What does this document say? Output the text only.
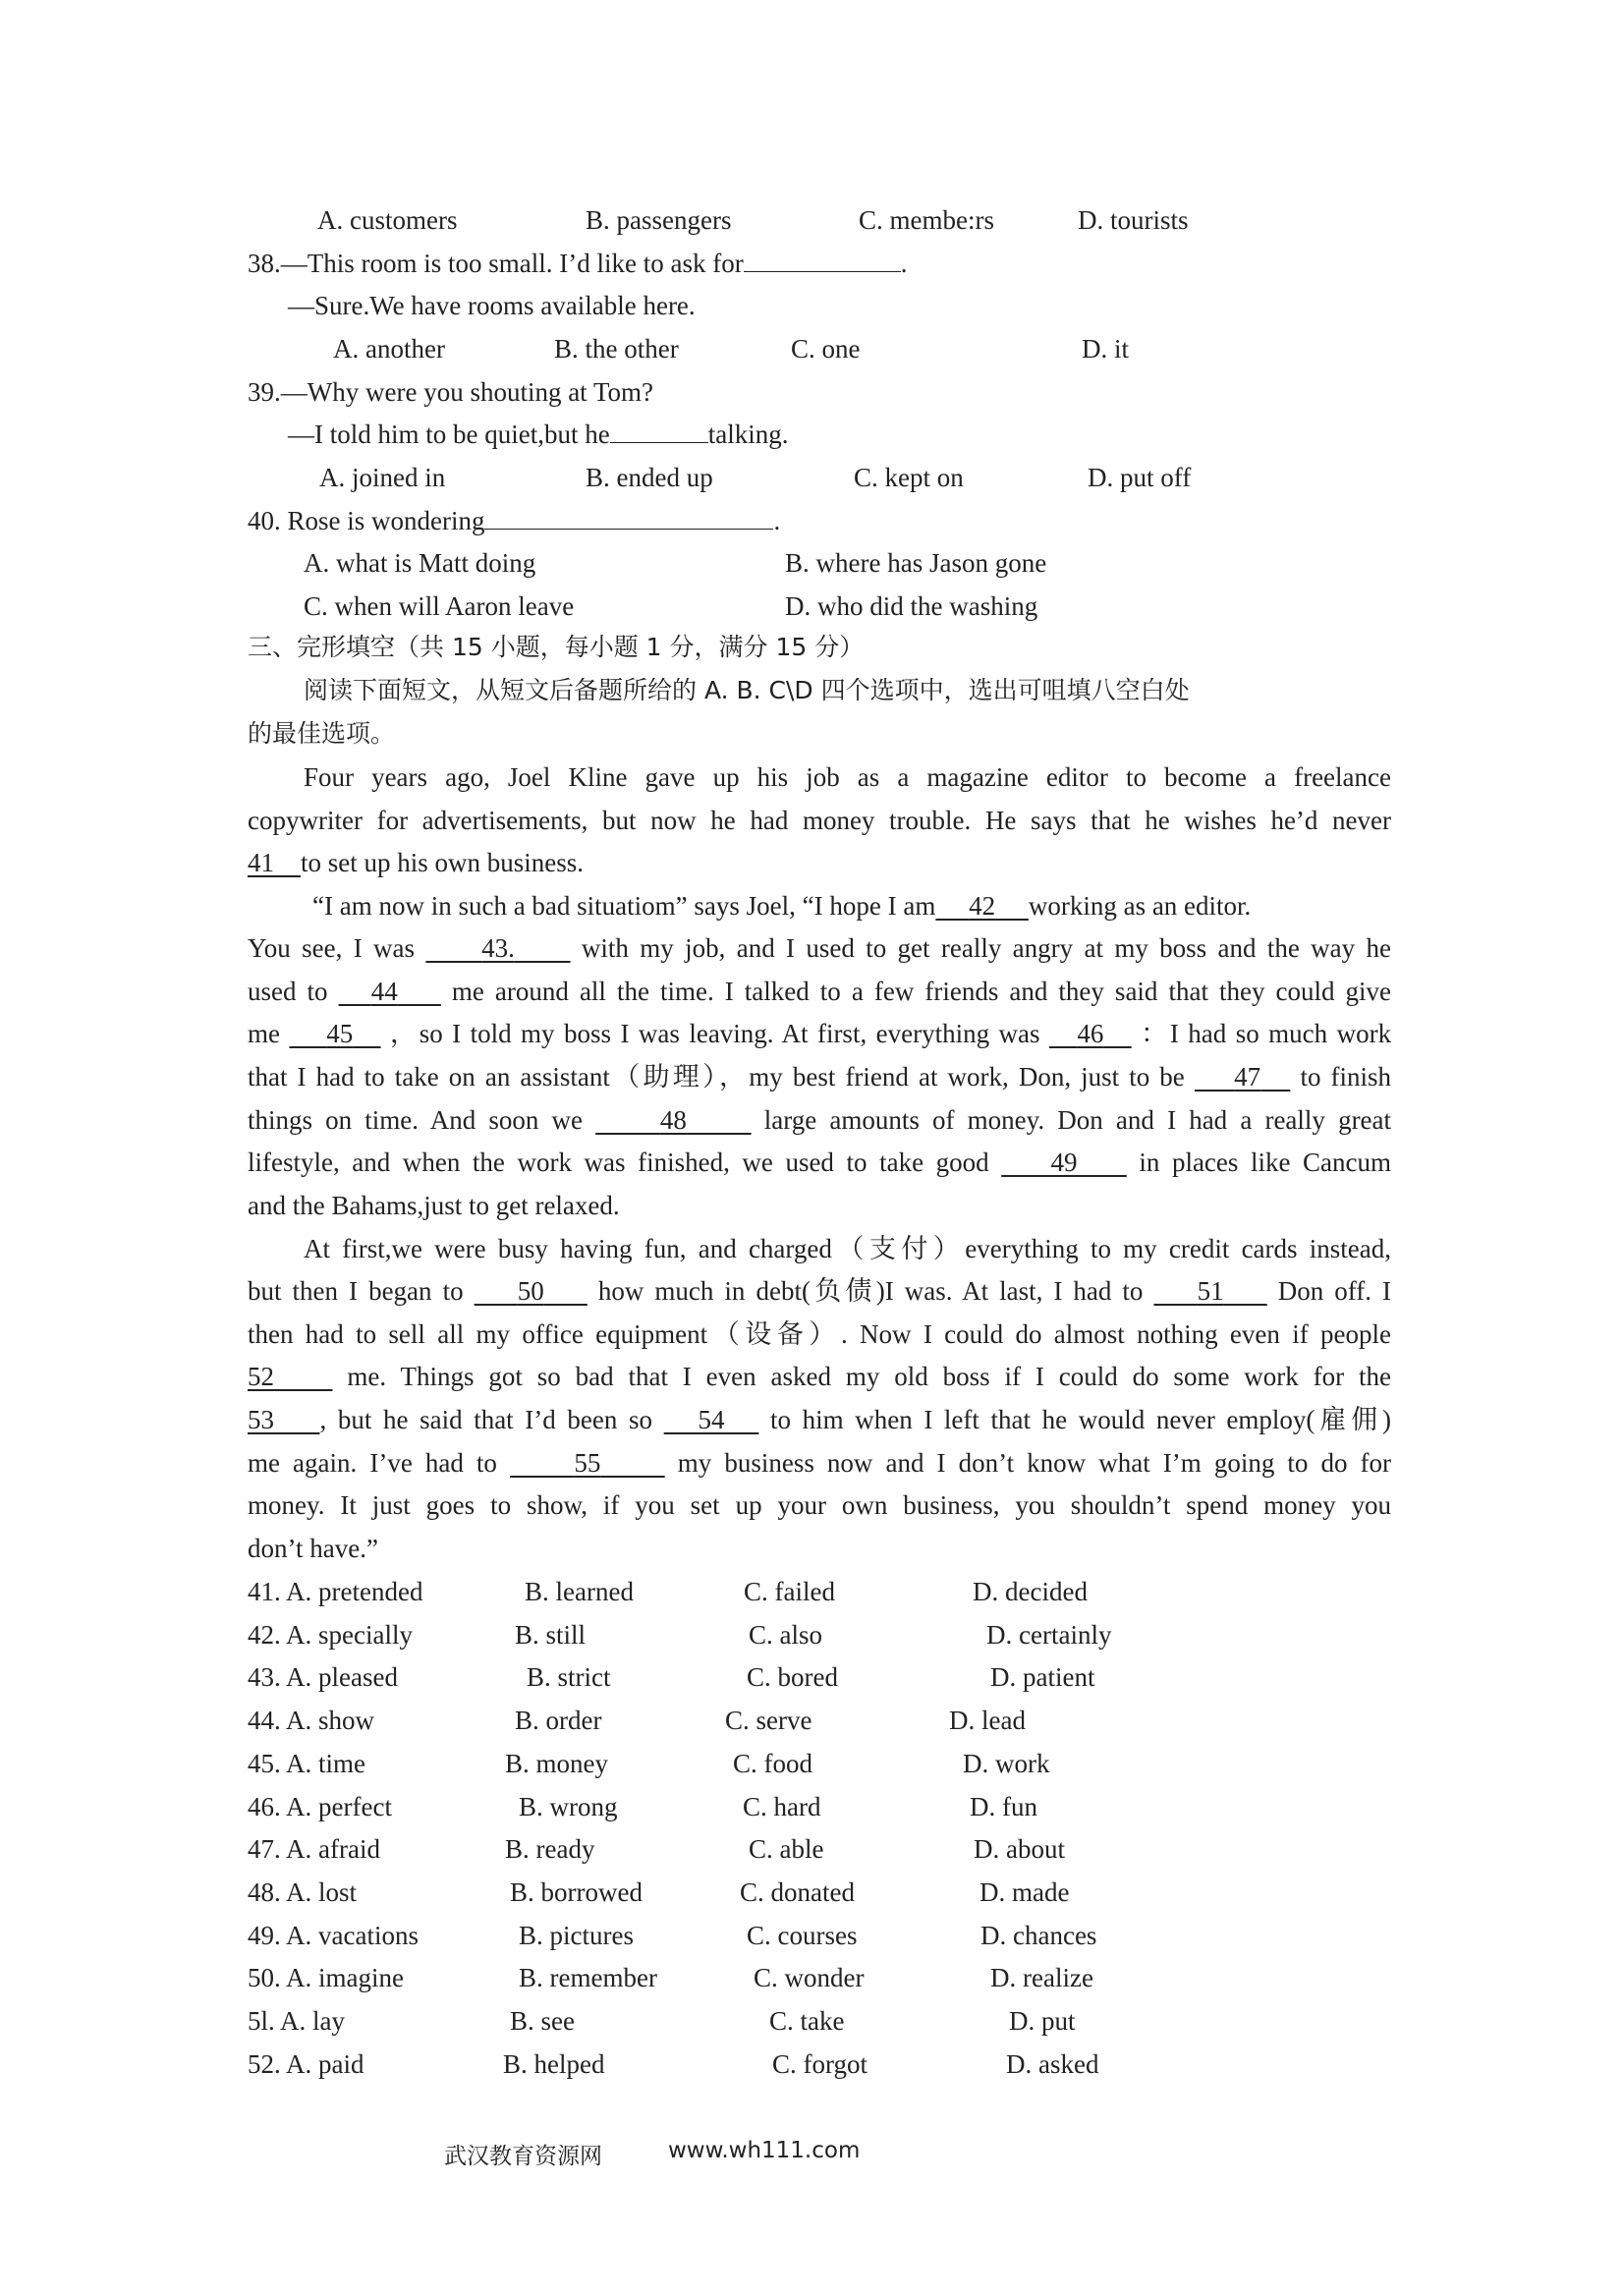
A. customers	B. passengers	C. membe:rs	D. tourists
38.—This room is too small. I’d like to ask for	.
—Sure.We have rooms available here.
A. another	B. the other	C. one	D. it
39.—Why were you shouting at Tom?
—I told him to be quiet,but he	talking.
A. joined in	B. ended up	C. kept on	D. put off
40. Rose is wondering	.
A. what is Matt doing	B. where has Jason gone
C. when will Aaron leave	D. who did the washing
三、完形填空（共 15 小题，每小题 1 分，满分 15 分）
阅读下面短文，从短文后备题所给的 A. B. C\D 四个选项中，选出可咀填八空白处
的最佳选项。
Four years ago, Joel Kline gave up his job as a magazine editor to become a freelance
copywriter for advertisements, but now he had money trouble. He says that he wishes he’d never
41 to set up his own business.
“I am now in such a bad situatiom” says Joel, “I hope I am 42 working as an editor.
You see, I was	43.	with my job, and I used to get really angry at my boss and the way he
used to 44 me around all the time. I talked to a few friends and they said that they could give
me 45 ，so I told my boss I was leaving. At first, everything was 46 ：I had so much work
that I had to take on an assistant（助理），my best friend at work, Don, just to be 47 to finish
things on time. And soon we	48	large amounts of money. Don and I had a really great
lifestyle, and when the work was finished, we used to take good 49 in places like Cancum
and the Bahams,just to get relaxed.
At first,we were busy having fun, and charged（支付）everything to my credit cards instead,
but then I began to 50 how much in debt(负债)I was. At last, I had to 51 Don off. I
then had to sell all my office equipment（设备）. Now I could do almost nothing even if people
52	me. Things got so bad that I even asked my old boss if I could do some work for the
53 , but he said that I’d been so 54 to him when I left that he would never employ(雇佣)
me again. I’ve had to	55	my business now and I don’t know what I’m going to do for
money. It just goes to show, if you set up your own business, you shouldn’t spend money you
don’t have.”
41. A. pretended	B. learned	C. failed	D. decided
42. A. specially	B. still	C. also	D. certainly
43. A. pleased	B. strict	C. bored	D. patient
44. A. show	B. order	C. serve	D. lead
45. A. time	B. money	C. food	D. work
46. A. perfect	B. wrong	C. hard	D. fun
47. A. afraid	B. ready	C. able	D. about
48. A. lost	B. borrowed	C. donated	D. made
49. A. vacations	B. pictures	C. courses	D. chances
50. A. imagine	B. remember	C. wonder	D. realize
5l. A. lay	B. see	C. take	D. put
52. A. paid	B. helped	C. forgot	D. asked
武汉教育资源网	www.wh111.com
